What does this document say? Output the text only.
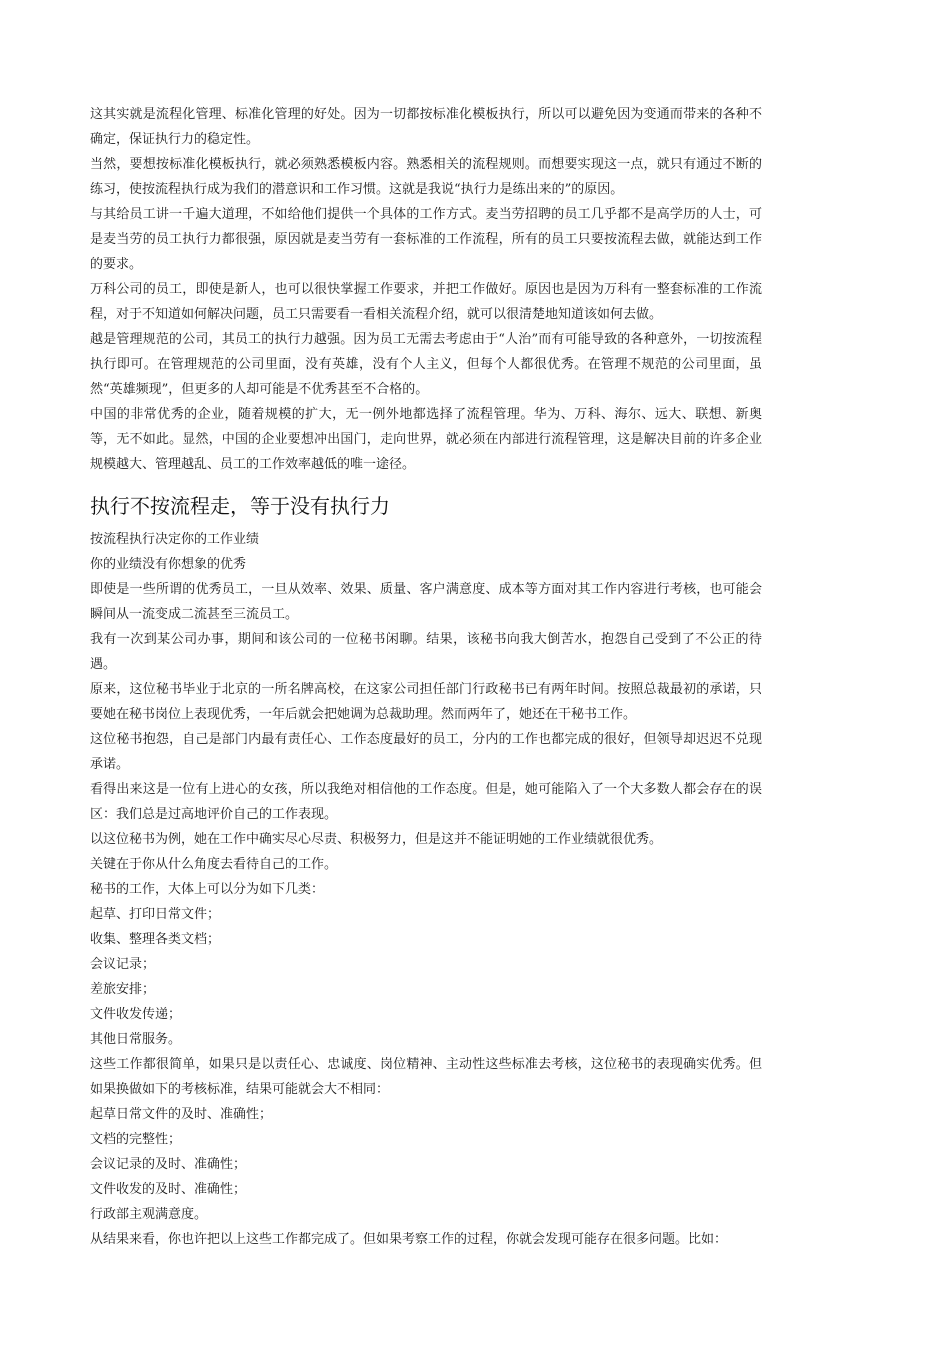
这其实就是流程化管理、标准化管理的好处。因为一切都按标准化模板执行，所以可以避免因为变通而带来的各种不确定，保证执行力的稳定性。

当然，要想按标准化模板执行，就必须熟悉模板内容。熟悉相关的流程规则。而想要实现这一点，就只有通过不断的练习，使按流程执行成为我们的潜意识和工作习惯。这就是我说“执行力是练出来的”的原因。

与其给员工讲一千遍大道理，不如给他们提供一个具体的工作方式。麦当劳招聘的员工几乎都不是高学历的人士，可是麦当劳的员工执行力都很强，原因就是麦当劳有一套标准的工作流程，所有的员工只要按流程去做，就能达到工作的要求。

万科公司的员工，即使是新人，也可以很快掌握工作要求，并把工作做好。原因也是因为万科有一整套标准的工作流程，对于不知道如何解决问题，员工只需要看一看相关流程介绍，就可以很清楚地知道该如何去做。

越是管理规范的公司，其员工的执行力越强。因为员工无需去考虑由于“人治”而有可能导致的各种意外，一切按流程执行即可。在管理规范的公司里面，没有英雄，没有个人主义，但每个人都很优秀。在管理不规范的公司里面，虽然“英雄频现”，但更多的人却可能是不优秀甚至不合格的。

中国的非常优秀的企业，随着规模的扩大，无一例外地都选择了流程管理。华为、万科、海尔、远大、联想、新奥等，无不如此。显然，中国的企业要想冲出国门，走向世界，就必须在内部进行流程管理，这是解决目前的许多企业规模越大、管理越乱、员工的工作效率越低的唯一途径。

执行不按流程走，等于没有执行力

按流程执行决定你的工作业绩

你的业绩没有你想象的优秀

即使是一些所谓的优秀员工，一旦从效率、效果、质量、客户满意度、成本等方面对其工作内容进行考核，也可能会瞬间从一流变成二流甚至三流员工。

我有一次到某公司办事，期间和该公司的一位秘书闲聊。结果，该秘书向我大倒苦水，抱怨自己受到了不公正的待遇。

原来，这位秘书毕业于北京的一所名牌高校，在这家公司担任部门行政秘书已有两年时间。按照总裁最初的承诺，只要她在秘书岗位上表现优秀，一年后就会把她调为总裁助理。然而两年了，她还在干秘书工作。

这位秘书抱怨，自己是部门内最有责任心、工作态度最好的员工，分内的工作也都完成的很好，但领导却迟迟不兑现承诺。

看得出来这是一位有上进心的女孩，所以我绝对相信他的工作态度。但是，她可能陷入了一个大多数人都会存在的误区：我们总是过高地评价自己的工作表现。

以这位秘书为例，她在工作中确实尽心尽责、积极努力，但是这并不能证明她的工作业绩就很优秀。

关键在于你从什么角度去看待自己的工作。

秘书的工作，大体上可以分为如下几类：

起草、打印日常文件；

收集、整理各类文档；

会议记录；

差旅安排；

文件收发传递；

其他日常服务。

这些工作都很简单，如果只是以责任心、忠诚度、岗位精神、主动性这些标准去考核，这位秘书的表现确实优秀。但如果换做如下的考核标准，结果可能就会大不相同：

起草日常文件的及时、准确性；

文档的完整性；

会议记录的及时、准确性；

文件收发的及时、准确性；

行政部主观满意度。

从结果来看，你也许把以上这些工作都完成了。但如果考察工作的过程，你就会发现可能存在很多问题。比如：
